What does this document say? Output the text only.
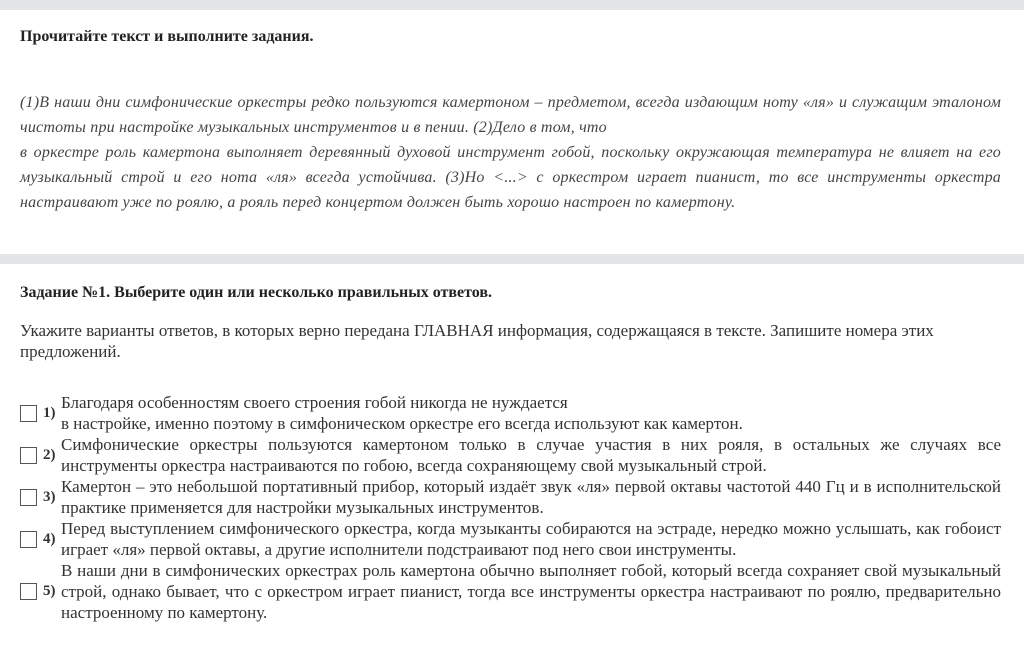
Прочитайте текст и выполните задания.

(1)В наши дни симфонические оркестры редко пользуются камертоном – предметом, всегда издающим ноту «ля» и служащим эталоном чистоты при настройке музыкальных инструментов и в пении. (2)Дело в том, что

в оркестре роль камертона выполняет деревянный духовой инструмент гобой, поскольку окружающая температура не влияет на его музыкальный строй и его нота «ля» всегда устойчива. (3)Но <...> с оркестром играет пианист, то все инструменты оркестра настраивают уже по роялю, а рояль перед концертом должен быть хорошо настроен по камертону.

Задание №1. Выберите один или несколько правильных ответов.
Укажите варианты ответов, в которых верно передана ГЛАВНАЯ информация, содержащаяся в тексте. Запишите номера этих предложений.
1)
Благодаря особенностям своего строения гобой никогда не нуждается
в настройке, именно поэтому в симфоническом оркестре его всегда используют как камертон.
2)
Симфонические оркестры пользуются камертоном только в случае участия в них рояля, в остальных же случаях все инструменты оркестра настраиваются по гобою, всегда сохраняющему свой музыкальный строй.
3)
Камертон – это небольшой портативный прибор, который издаёт звук «ля» первой октавы частотой 440 Гц и в исполнительской практике применяется для настройки музыкальных инструментов.
4)
Перед выступлением симфонического оркестра, когда музыканты собираются на эстраде, нередко можно услышать, как гобоист играет «ля» первой октавы, а другие исполнители подстраивают под него свои инструменты.
5)
В наши дни в симфонических оркестрах роль камертона обычно выполняет гобой, который всегда сохраняет свой музыкальный строй, однако бывает, что с оркестром играет пианист, тогда все инструменты оркестра настраивают по роялю, предварительно настроенному по камертону.
